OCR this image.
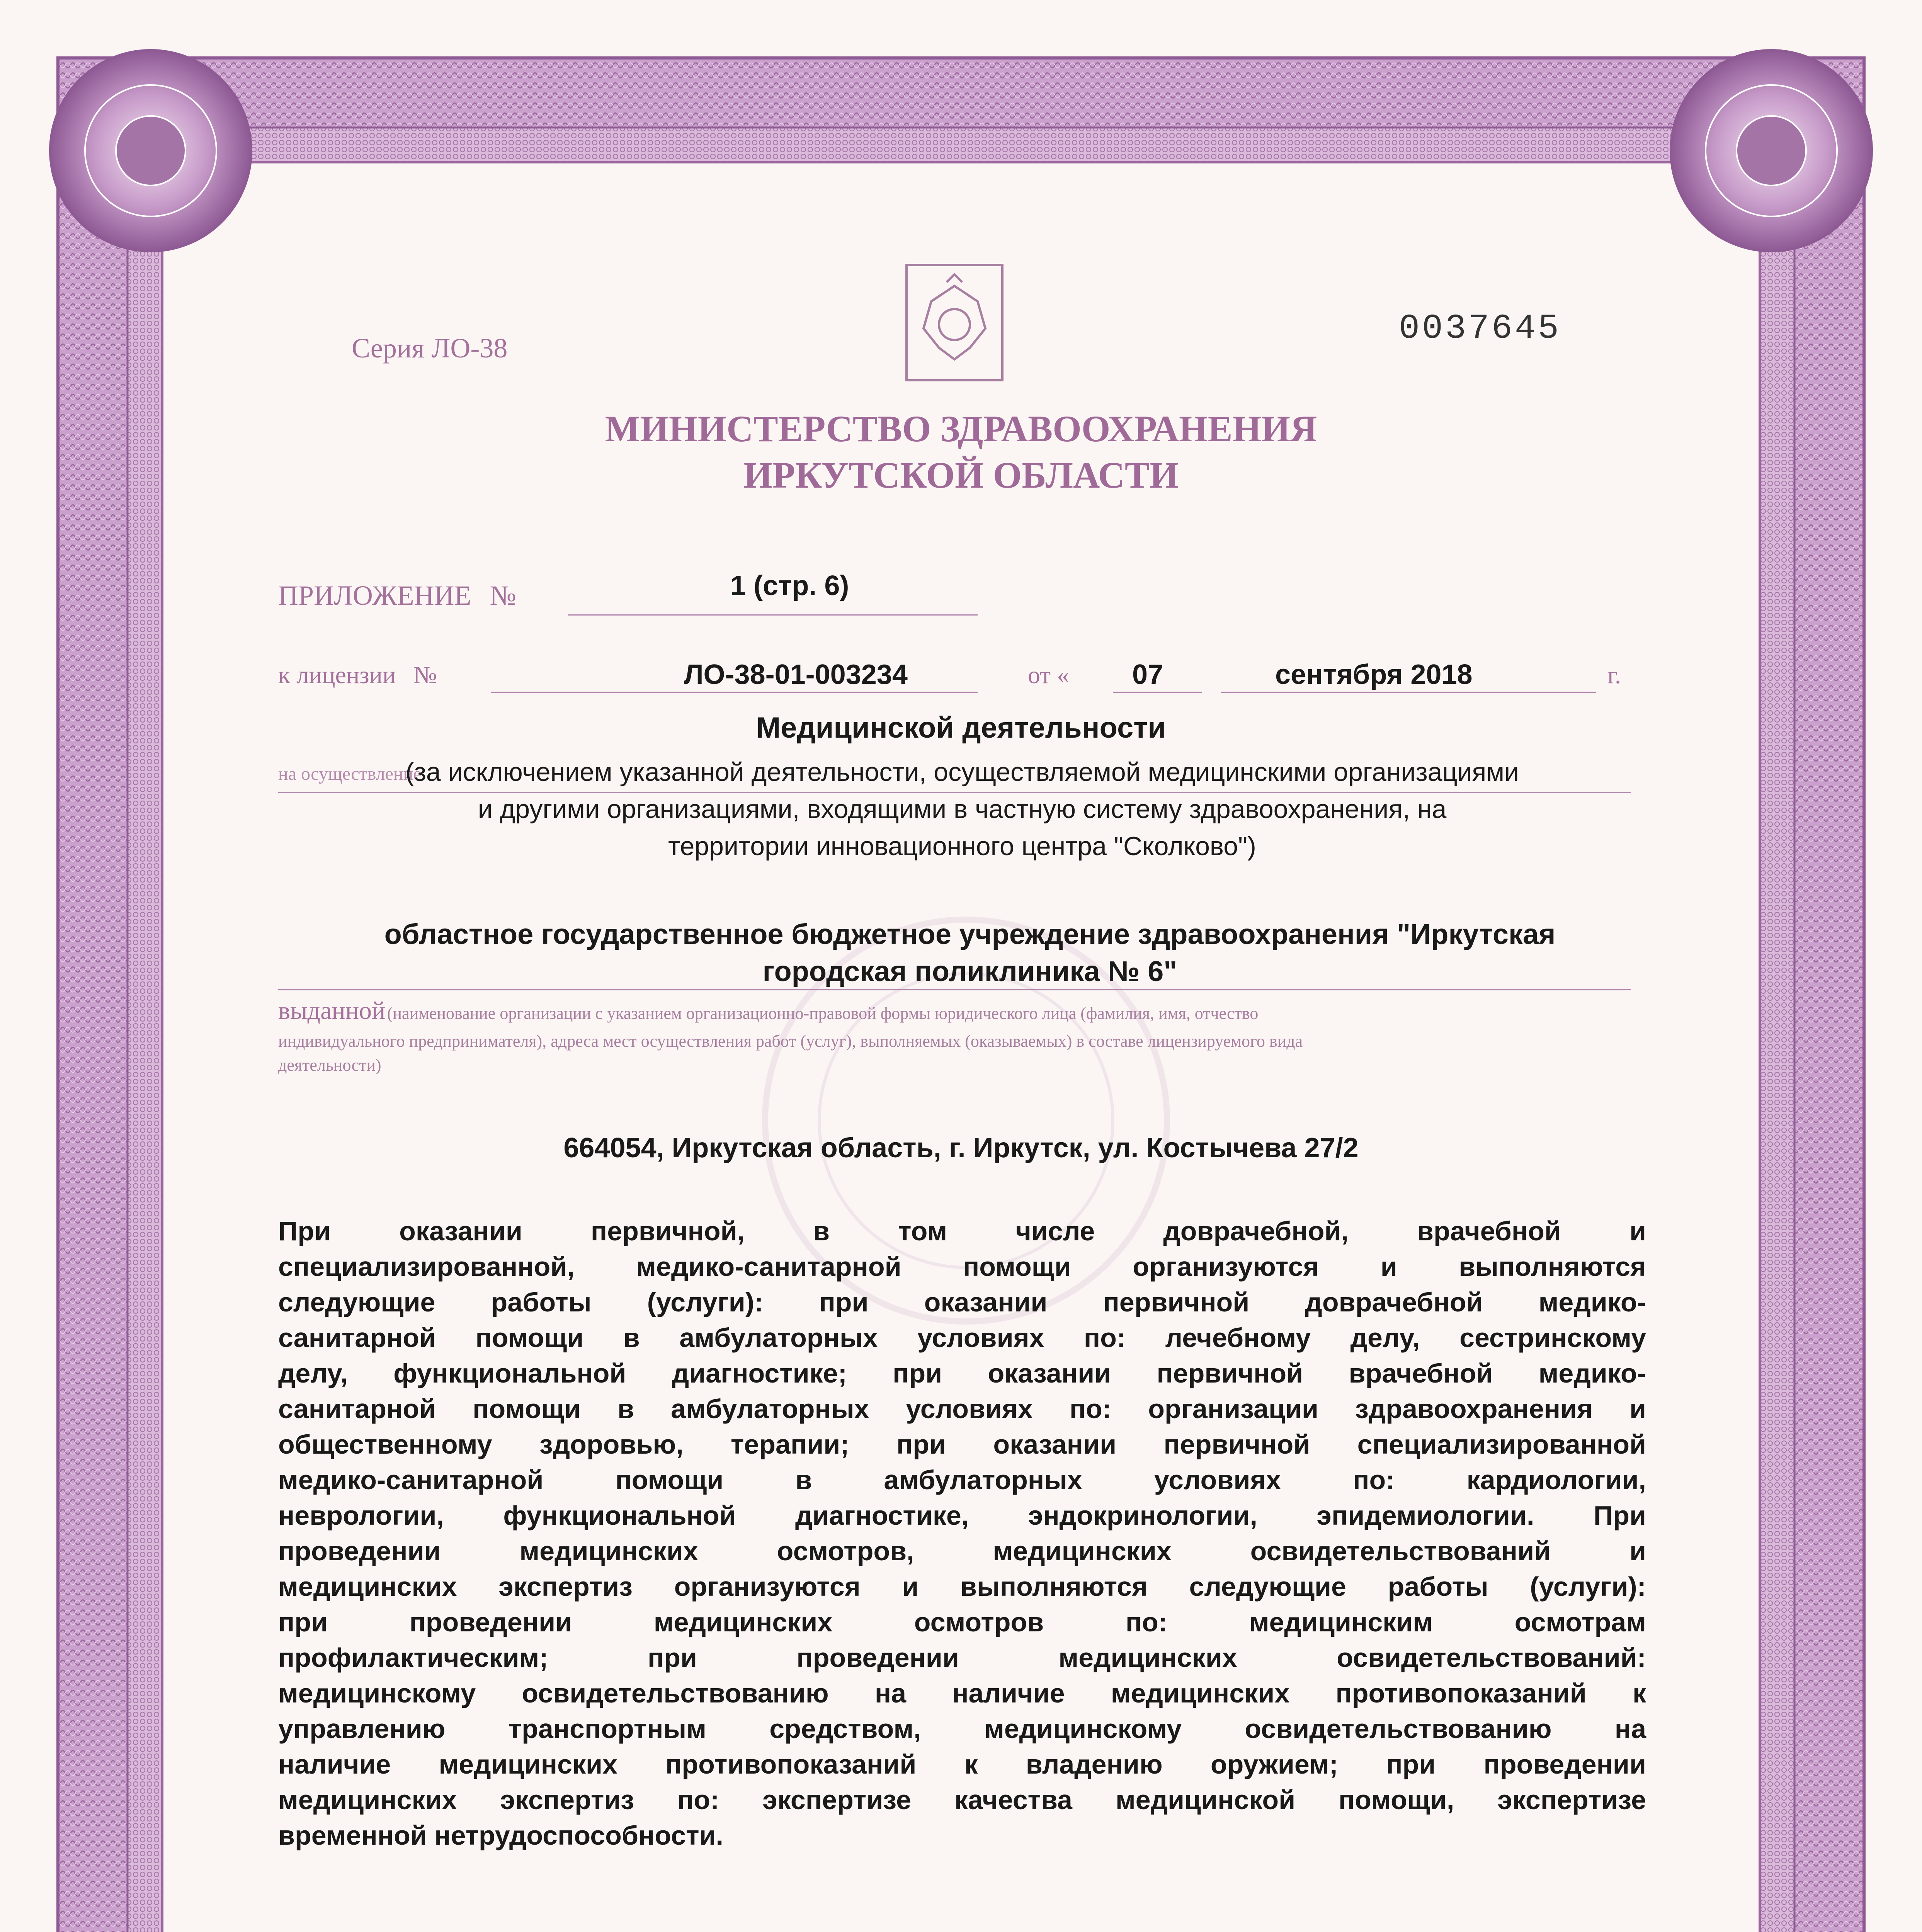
Серия ЛО-38	0037645
МИНИСТЕРСТВО ЗДРАВООХРАНЕНИЯ
ИРКУТСКОЙ ОБЛАСТИ
ПРИЛОЖЕНИЕ №	1 (стр. 6)
к лицензии №	ЛО-38-01-003234	от « 07	сентября 2018	г.
Медицинской деятельности
на осуществление
(за исключением указанной деятельности, осуществляемой медицинскими организациями
и другими организациями, входящими в частную систему здравоохранения, на
территории инновационного центра "Сколково")
областное государственное бюджетное учреждение здравоохранения "Иркутская
городская поликлиника № 6"
выданной (наименование организации с указанием организационно-правовой формы юридического лица (фамилия, имя, отчество
индивидуального предпринимателя), адреса мест осуществления работ (услуг), выполняемых (оказываемых) в составе лицензируемого вида
деятельности)
664054, Иркутская область, г. Иркутск, ул. Костычева 27/2
При оказании первичной, в том числе доврачебной, врачебной и
специализированной, медико-санитарной помощи организуются и выполняются
следующие работы (услуги): при оказании первичной доврачебной медико-
санитарной помощи в амбулаторных условиях по: лечебному делу, сестринскому
делу, функциональной диагностике; при оказании первичной врачебной медико-
санитарной помощи в амбулаторных условиях по: организации здравоохранения и
общественному здоровью, терапии; при оказании первичной специализированной
медико-санитарной помощи в амбулаторных условиях по: кардиологии,
неврологии, функциональной диагностике, эндокринологии, эпидемиологии. При
проведении медицинских осмотров, медицинских освидетельствований и
медицинских экспертиз организуются и выполняются следующие работы (услуги):
при проведении медицинских осмотров по: медицинским осмотрам
профилактическим; при проведении медицинских освидетельствований:
медицинскому освидетельствованию на наличие медицинских противопоказаний к
управлению транспортным средством, медицинскому освидетельствованию на
наличие медицинских противопоказаний к владению оружием; при проведении
медицинских экспертиз по: экспертизе качества медицинской помощи, экспертизе
временной нетрудоспособности.
